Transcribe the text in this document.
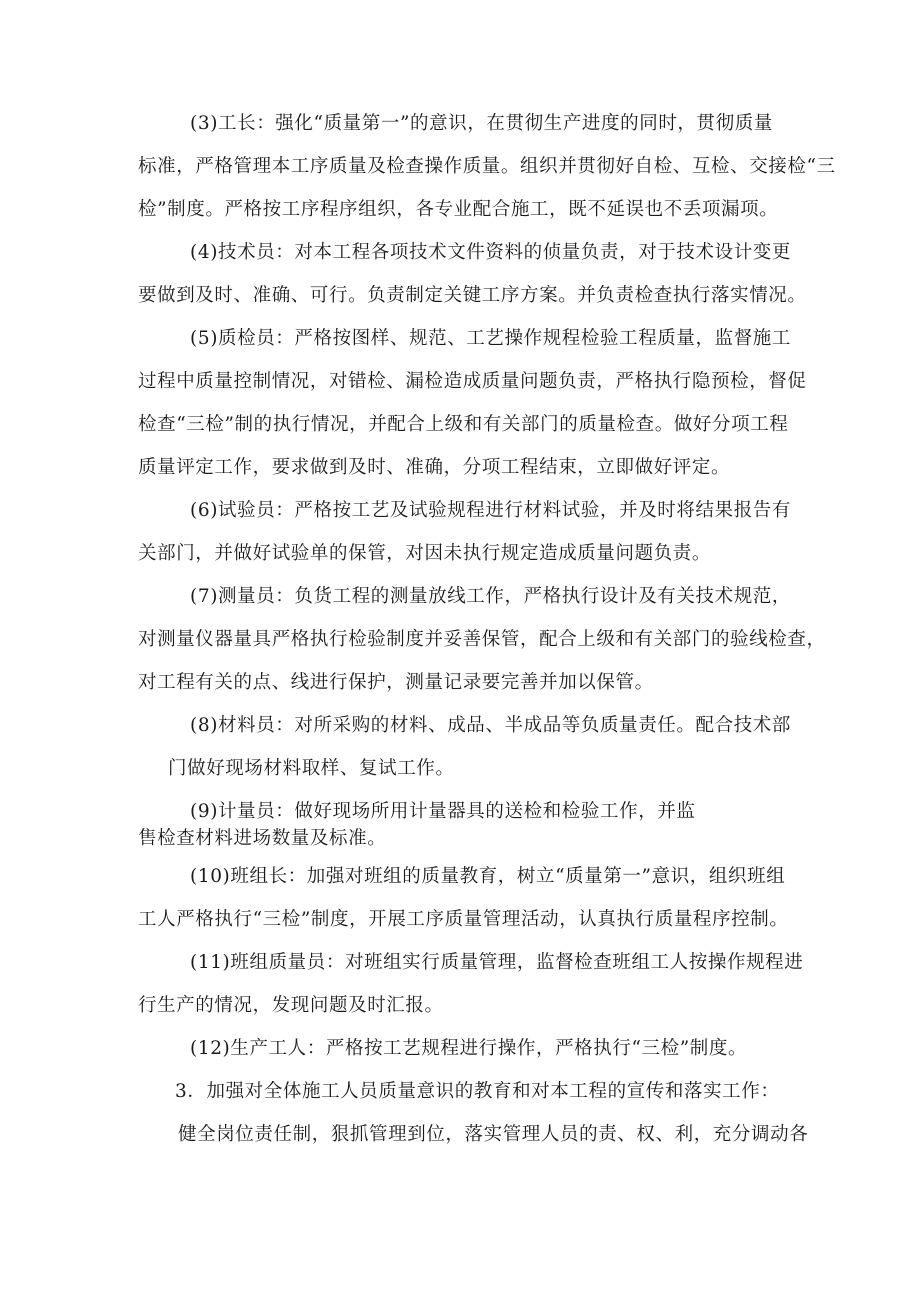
(3)工长：强化“质量第一”的意识，在贯彻生产进度的同时，贯彻质量
标准，严格管理本工序质量及检查操作质量。组织并贯彻好自检、互检、交接检“三
检”制度。严格按工序程序组织，各专业配合施工，既不延误也不丢项漏项。
(4)技术员：对本工程各项技术文件资料的侦量负责，对于技术设计变更
要做到及时、准确、可行。负责制定关键工序方案。并负责检查执行落实情况。
(5)质检员：严格按图样、规范、工艺操作规程检验工程质量，监督施工
过程中质量控制情况，对错检、漏检造成质量问题负责，严格执行隐预检，督促
检查“三检”制的执行情况，并配合上级和有关部门的质量检查。做好分项工程
质量评定工作，要求做到及时、准确，分项工程结束，立即做好评定。
(6)试验员：严格按工艺及试验规程进行材料试验，并及时将结果报告有
关部门，并做好试验单的保管，对因未执行规定造成质量问题负责。
(7)测量员：负货工程的测量放线工作，严格执行设计及有关技术规范，
对测量仪器量具严格执行检验制度并妥善保管，配合上级和有关部门的验线检查，
对工程有关的点、线进行保护，测量记录要完善并加以保管。
(8)材料员：对所采购的材料、成品、半成品等负质量责任。配合技术部
门做好现场材料取样、复试工作。
(9)计量员：做好现场所用计量器具的送检和检验工作，并监
售检查材料进场数量及标准。
(10)班组长：加强对班组的质量教育，树立“质量第一”意识，组织班组
工人严格执行“三检”制度，开展工序质量管理活动，认真执行质量程序控制。
(11)班组质量员：对班组实行质量管理，监督检查班组工人按操作规程进
行生产的情况，发现问题及时汇报。
(12)生产工人：严格按工艺规程进行操作，严格执行“三检”制度。
3．加强对全体施工人员质量意识的教育和对本工程的宣传和落实工作：
健全岗位责任制，狠抓管理到位，落实管理人员的责、权、利，充分调动各
